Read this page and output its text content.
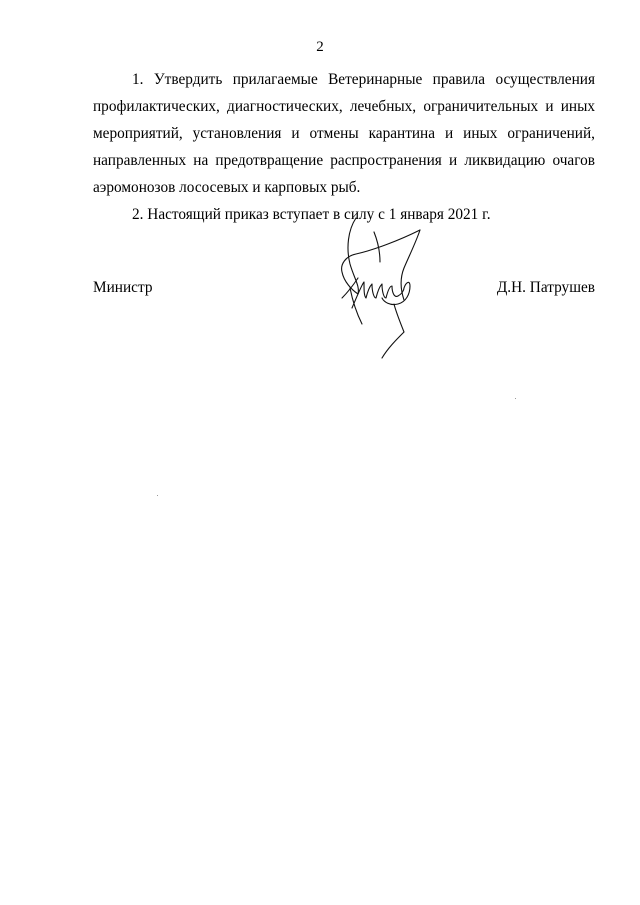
2

1. Утвердить прилагаемые Ветеринарные правила осуществления профилактических, диагностических, лечебных, ограничительных и иных мероприятий, установления и отмены карантина и иных ограничений, направленных на предотвращение распространения и ликвидацию очагов аэромонозов лососевых и карповых рыб.

2. Настоящий приказ вступает в силу с 1 января 2021 г.

Министр	Д.Н. Патрушев
